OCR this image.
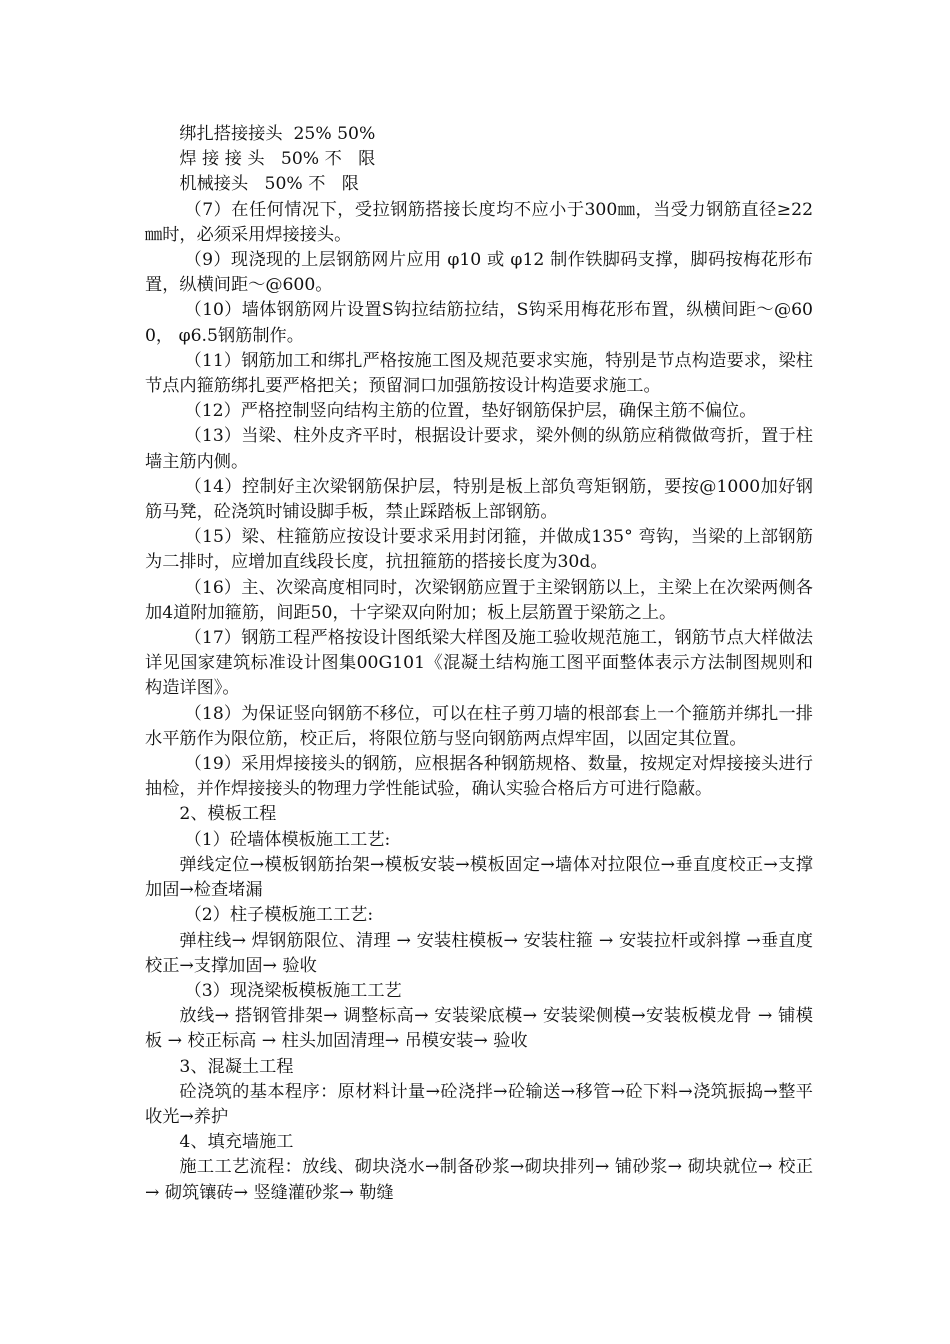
绑扎搭接接头  25% 50%

焊 接 接 头   50% 不   限

机械接头   50% 不   限

（7）在任何情况下，受拉钢筋搭接长度均不应小于300㎜，当受力钢筋直径≥22㎜时，必须采用焊接接头。

（9）现浇现的上层钢筋网片应用 φ10 或 φ12 制作铁脚码支撑，脚码按梅花形布置，纵横间距～@600。

（10）墙体钢筋网片设置S钩拉结筋拉结，S钩采用梅花形布置，纵横间距～@600， φ6.5钢筋制作。

（11）钢筋加工和绑扎严格按施工图及规范要求实施，特别是节点构造要求，梁柱节点内箍筋绑扎要严格把关；预留洞口加强筋按设计构造要求施工。

（12）严格控制竖向结构主筋的位置，垫好钢筋保护层，确保主筋不偏位。

（13）当梁、柱外皮齐平时，根据设计要求，梁外侧的纵筋应稍微做弯折，置于柱墙主筋内侧。

（14）控制好主次梁钢筋保护层，特别是板上部负弯矩钢筋，要按@1000加好钢筋马凳，砼浇筑时铺设脚手板，禁止踩踏板上部钢筋。

（15）梁、柱箍筋应按设计要求采用封闭箍，并做成135° 弯钩，当梁的上部钢筋为二排时，应增加直线段长度，抗扭箍筋的搭接长度为30d。

（16）主、次梁高度相同时，次梁钢筋应置于主梁钢筋以上，主梁上在次梁两侧各加4道附加箍筋，间距50，十字梁双向附加；板上层筋置于梁筋之上。

（17）钢筋工程严格按设计图纸梁大样图及施工验收规范施工，钢筋节点大样做法详见国家建筑标准设计图集00G101《混凝土结构施工图平面整体表示方法制图规则和构造详图》。

（18）为保证竖向钢筋不移位，可以在柱子剪刀墙的根部套上一个箍筋并绑扎一排水平筋作为限位筋，校正后，将限位筋与竖向钢筋两点焊牢固，以固定其位置。

（19）采用焊接接头的钢筋，应根据各种钢筋规格、数量，按规定对焊接接头进行抽检，并作焊接接头的物理力学性能试验，确认实验合格后方可进行隐蔽。

2、模板工程

（1）砼墙体模板施工工艺:

弹线定位→模板钢筋抬架→模板安装→模板固定→墙体对拉限位→垂直度校正→支撑加固→检查堵漏

（2）柱子模板施工工艺:

弹柱线→ 焊钢筋限位、清理 → 安装柱模板→ 安装柱箍 → 安装拉杆或斜撑 →垂直度校正→支撑加固→ 验收

（3）现浇梁板模板施工工艺

放线→ 搭钢管排架→ 调整标高→ 安装梁底模→ 安装梁侧模→安装板模龙骨 → 铺模板 → 校正标高 → 柱头加固清理→ 吊模安装→ 验收

3、混凝土工程

砼浇筑的基本程序：原材料计量→砼浇拌→砼输送→移管→砼下料→浇筑振捣→整平收光→养护

4、填充墙施工

施工工艺流程：放线、砌块浇水→制备砂浆→砌块排列→ 铺砂浆→ 砌块就位→ 校正→ 砌筑镶砖→ 竖缝灌砂浆→ 勒缝
